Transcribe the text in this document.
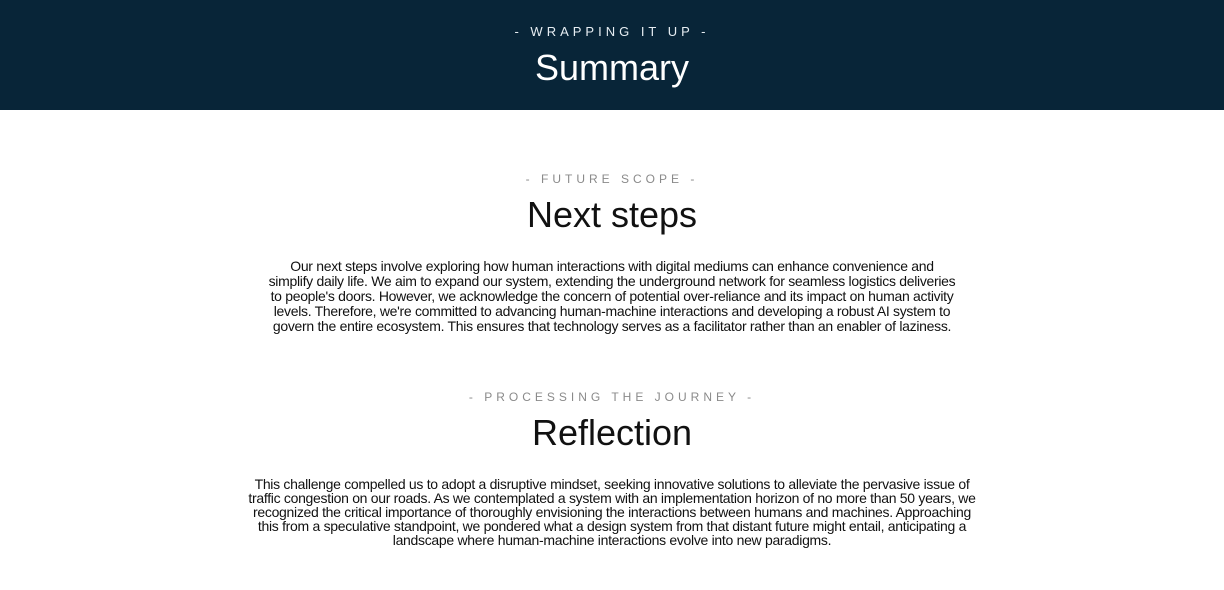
- WRAPPING IT UP -

Summary

- FUTURE SCOPE -

Next steps

Our next steps involve exploring how human interactions with digital mediums can enhance convenience and simplify daily life. We aim to expand our system, extending the underground network for seamless logistics deliveries to people's doors. However, we acknowledge the concern of potential over-reliance and its impact on human activity levels. Therefore, we're committed to advancing human-machine interactions and developing a robust AI system to govern the entire ecosystem. This ensures that technology serves as a facilitator rather than an enabler of laziness.

- PROCESSING THE JOURNEY -

Reflection

This challenge compelled us to adopt a disruptive mindset, seeking innovative solutions to alleviate the pervasive issue of traffic congestion on our roads. As we contemplated a system with an implementation horizon of no more than 50 years, we recognized the critical importance of thoroughly envisioning the interactions between humans and machines. Approaching this from a speculative standpoint, we pondered what a design system from that distant future might entail, anticipating a landscape where human-machine interactions evolve into new paradigms.
